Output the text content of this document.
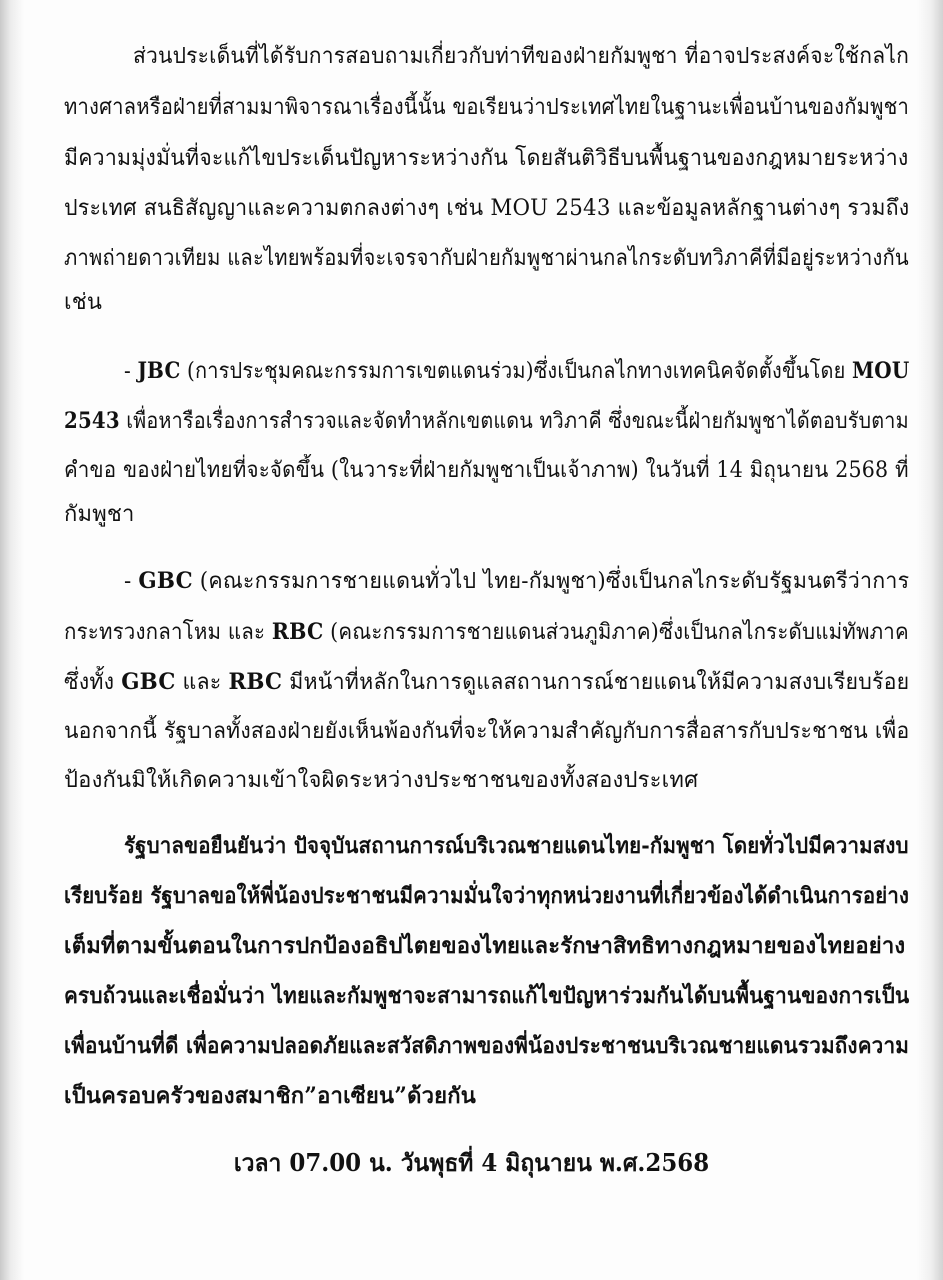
ส่วนประเด็นที่ได้รับการสอบถามเกี่ยวกับท่าทีของฝ่ายกัมพูชา ที่อาจประสงค์จะใช้กลไก
ทางศาลหรือฝ่ายที่สามมาพิจารณาเรื่องนี้นั้น ขอเรียนว่าประเทศไทยในฐานะเพื่อนบ้านของกัมพูชา
มีความมุ่งมั่นที่จะแก้ไขประเด็นปัญหาระหว่างกัน โดยสันติวิธีบนพื้นฐานของกฎหมายระหว่าง
ประเทศ สนธิสัญญาและความตกลงต่างๆ เช่น MOU 2543 และข้อมูลหลักฐานต่างๆ รวมถึง
ภาพถ่ายดาวเทียม และไทยพร้อมที่จะเจรจากับฝ่ายกัมพูชาผ่านกลไกระดับทวิภาคีที่มีอยู่ระหว่างกัน
เช่น
- JBC (การประชุมคณะกรรมการเขตแดนร่วม)ซึ่งเป็นกลไกทางเทคนิคจัดตั้งขึ้นโดย MOU
2543 เพื่อหารือเรื่องการสำรวจและจัดทำหลักเขตแดน ทวิภาคี ซึ่งขณะนี้ฝ่ายกัมพูชาได้ตอบรับตาม
คำขอ ของฝ่ายไทยที่จะจัดขึ้น (ในวาระที่ฝ่ายกัมพูชาเป็นเจ้าภาพ) ในวันที่ 14 มิถุนายน 2568 ที่
กัมพูชา
- GBC (คณะกรรมการชายแดนทั่วไป ไทย-กัมพูชา)ซึ่งเป็นกลไกระดับรัฐมนตรีว่าการ
กระทรวงกลาโหม และ RBC (คณะกรรมการชายแดนส่วนภูมิภาค)ซึ่งเป็นกลไกระดับแม่ทัพภาค
ซึ่งทั้ง GBC และ RBC มีหน้าที่หลักในการดูแลสถานการณ์ชายแดนให้มีความสงบเรียบร้อย
นอกจากนี้ รัฐบาลทั้งสองฝ่ายยังเห็นพ้องกันที่จะให้ความสำคัญกับการสื่อสารกับประชาชน เพื่อ
ป้องกันมิให้เกิดความเข้าใจผิดระหว่างประชาชนของทั้งสองประเทศ
รัฐบาลขอยืนยันว่า ปัจจุบันสถานการณ์บริเวณชายแดนไทย-กัมพูชา โดยทั่วไปมีความสงบ
เรียบร้อย รัฐบาลขอให้พี่น้องประชาชนมีความมั่นใจว่าทุกหน่วยงานที่เกี่ยวข้องได้ดำเนินการอย่าง
เต็มที่ตามขั้นตอนในการปกป้องอธิปไตยของไทยและรักษาสิทธิทางกฎหมายของไทยอย่าง
ครบถ้วนและเชื่อมั่นว่า ไทยและกัมพูชาจะสามารถแก้ไขปัญหาร่วมกันได้บนพื้นฐานของการเป็น
เพื่อนบ้านที่ดี เพื่อความปลอดภัยและสวัสดิภาพของพี่น้องประชาชนบริเวณชายแดนรวมถึงความ
เป็นครอบครัวของสมาชิก”อาเซียน”ด้วยกัน
เวลา 07.00 น. วันพุธที่ 4 มิถุนายน พ.ศ.2568
